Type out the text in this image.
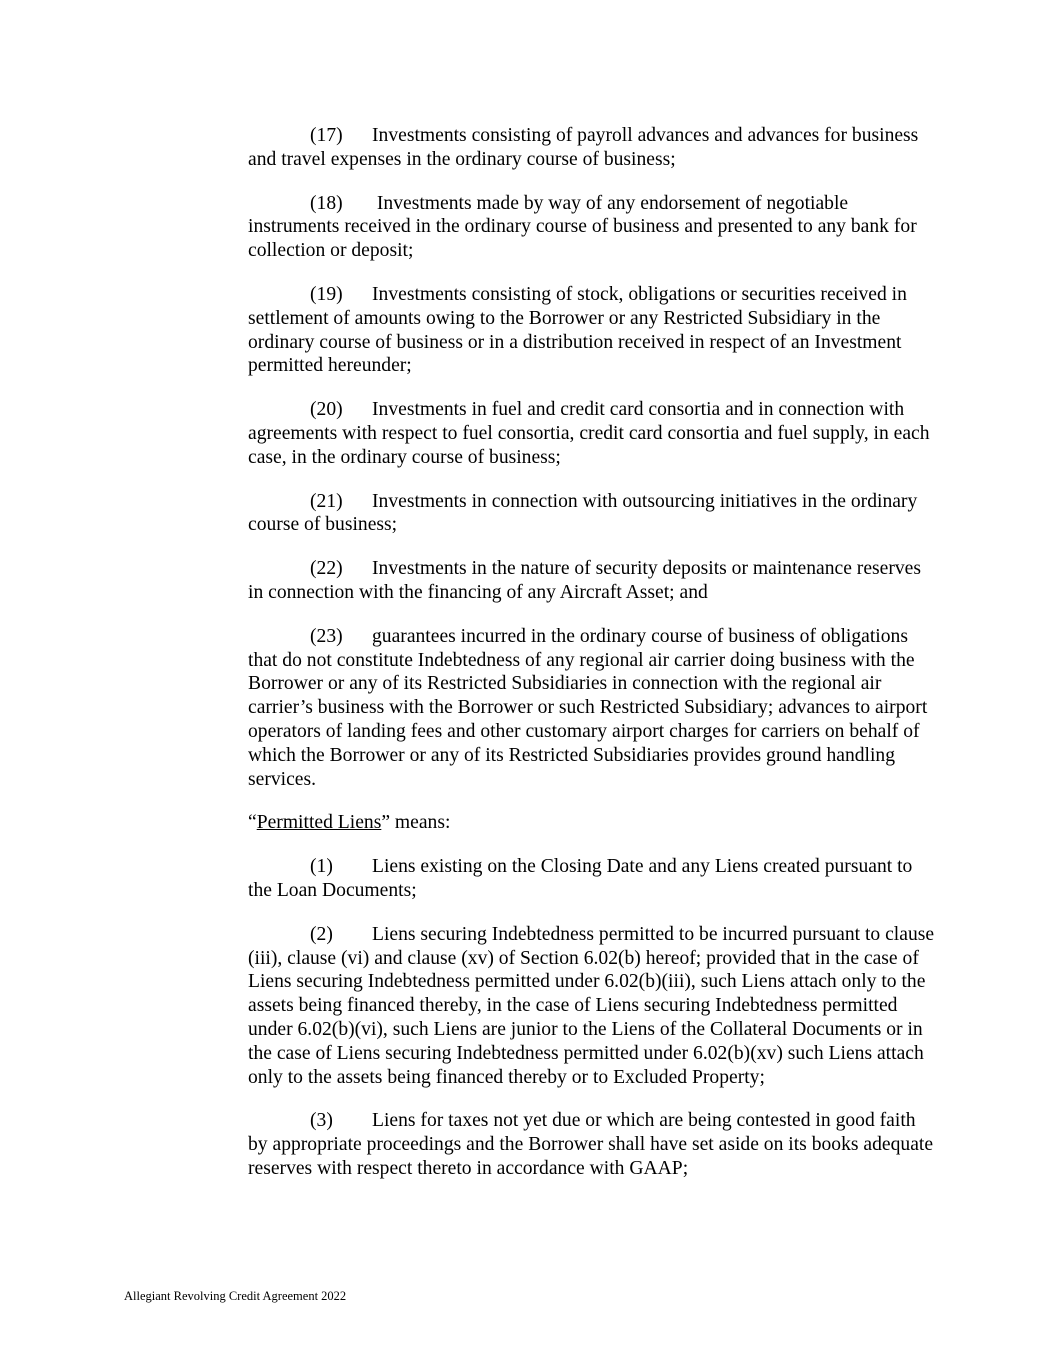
(17) Investments consisting of payroll advances and advances for business and travel expenses in the ordinary course of business;

(18) Investments made by way of any endorsement of negotiable instruments received in the ordinary course of business and presented to any bank for collection or deposit;

(19) Investments consisting of stock, obligations or securities received in settlement of amounts owing to the Borrower or any Restricted Subsidiary in the ordinary course of business or in a distribution received in respect of an Investment permitted hereunder;

(20) Investments in fuel and credit card consortia and in connection with agreements with respect to fuel consortia, credit card consortia and fuel supply, in each case, in the ordinary course of business;

(21) Investments in connection with outsourcing initiatives in the ordinary course of business;

(22) Investments in the nature of security deposits or maintenance reserves in connection with the financing of any Aircraft Asset; and

(23) guarantees incurred in the ordinary course of business of obligations that do not constitute Indebtedness of any regional air carrier doing business with the Borrower or any of its Restricted Subsidiaries in connection with the regional air carrier’s business with the Borrower or such Restricted Subsidiary; advances to airport operators of landing fees and other customary airport charges for carriers on behalf of which the Borrower or any of its Restricted Subsidiaries provides ground handling services.

“Permitted Liens” means:

(1) Liens existing on the Closing Date and any Liens created pursuant to the Loan Documents;

(2) Liens securing Indebtedness permitted to be incurred pursuant to clause (iii), clause (vi) and clause (xv) of Section 6.02(b) hereof; provided that in the case of Liens securing Indebtedness permitted under 6.02(b)(iii), such Liens attach only to the assets being financed thereby, in the case of Liens securing Indebtedness permitted under 6.02(b)(vi), such Liens are junior to the Liens of the Collateral Documents or in the case of Liens securing Indebtedness permitted under 6.02(b)(xv) such Liens attach only to the assets being financed thereby or to Excluded Property;

(3) Liens for taxes not yet due or which are being contested in good faith by appropriate proceedings and the Borrower shall have set aside on its books adequate reserves with respect thereto in accordance with GAAP;

Allegiant Revolving Credit Agreement 2022
